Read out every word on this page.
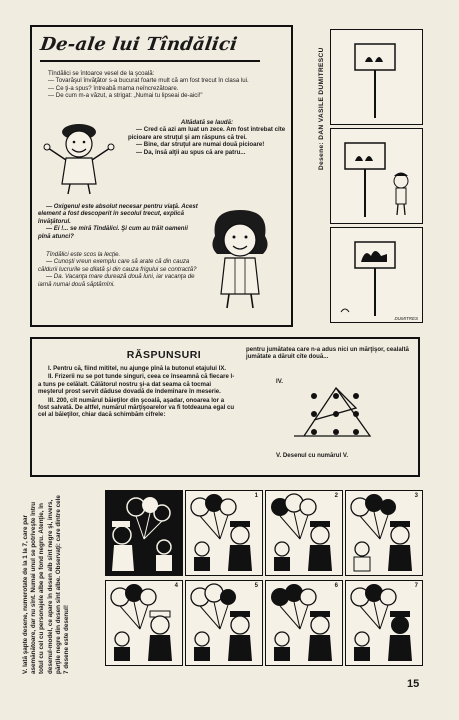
De-ale lui Tîndălici
Tîndălici se întoarce vesel de la şcoală:
— Tovarăşul învăţător s-a bucurat foarte mult că am fost trecut în clasa lui.
— Ce ţi-a spus? întreabă mama neîncrezătoare.
— De cum m-a văzut, a strigat: „Numai tu lipseai de-aici!"
Altădată se laudă:
— Cred că azi am luat un zece. Am fost întrebat cîte picioare are struţul şi am răspuns că trei.
— Bine, dar struţul are numai două picioare!
— Da, însă alţii au spus că are patru...
— Oxigenul este absolut necesar pentru viaţă. Acest element a fost descoperit în secolul trecut, explică învăţătorul.
— Ei !... se miră Tîndălici. Şi cum au trăit oamenii pînă atunci?
Tîndălici este scos la lecţie.
— Cunoşti vreun exemplu care să arate că din cauza căldurii lucrurile se dilată şi din cauza frigului se contractă?
— Da. Vacanţa mare durează două luni, iar vacanţa de iarnă numai două săptămîni.
Desene: DAN VASILE DUMITRESCU
DUMITRES
RĂSPUNSURI
I. Pentru că, fiind mititel, nu ajunge pînă la butonul etajului IX.
II. Frizerii nu se pot tunde singuri, ceea ce înseamnă că fiecare l-a tuns pe celălalt. Călătorul nostru şi-a dat seama că tocmai meşterul prost servit dăduse dovadă de îndemînare în meserie.
III. 200, cît numărul băieţilor din şcoală, aşadar, onoarea lor a fost salvată. De altfel, numărul mărţişoarelor va fi totdeauna egal cu cel al băieţilor, chiar dacă schimbăm cifrele:
pentru jumătatea care n-a adus nici un mărţişor, cealaltă jumătate a dăruit cîte două...
IV.
V. Desenul cu numărul V.
V. Iată şapte desene, numerotate de la 1 la 7, care par asemănătoare, dar nu sînt. Numai unul se potriveşte întru totul cu cel cu personajele albe pe fond negru. Atenţie, în desenul-model, ce apare în desen alb sînt negre şi, invers, părţile negre din desen sînt albe. Observaţi: care dintre cele 7 desene este desenul!
1	2	3
4	5	6	7
15
